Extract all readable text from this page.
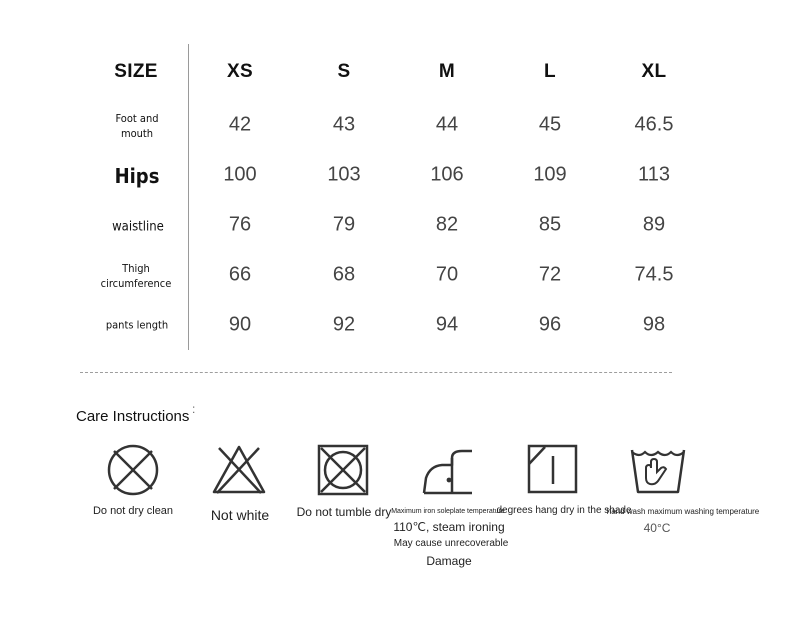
SIZE	XS	S	M	L	XL
Foot and
mouth	42	43	44	45	46.5
Hips	100	103	106	109	113
waistline	76	79	82	85	89
Thigh
circumference	66	68	70	72	74.5
pants length	90	92	94	96	98
Care Instructions :
Do not dry clean	Not white Do not tumble dry Maximum iron soleplate temperature
110℃, steam ironing
May cause unrecoverable
Damage
degrees hang dry in the shade
hand wash maximum washing temperature
40°C
